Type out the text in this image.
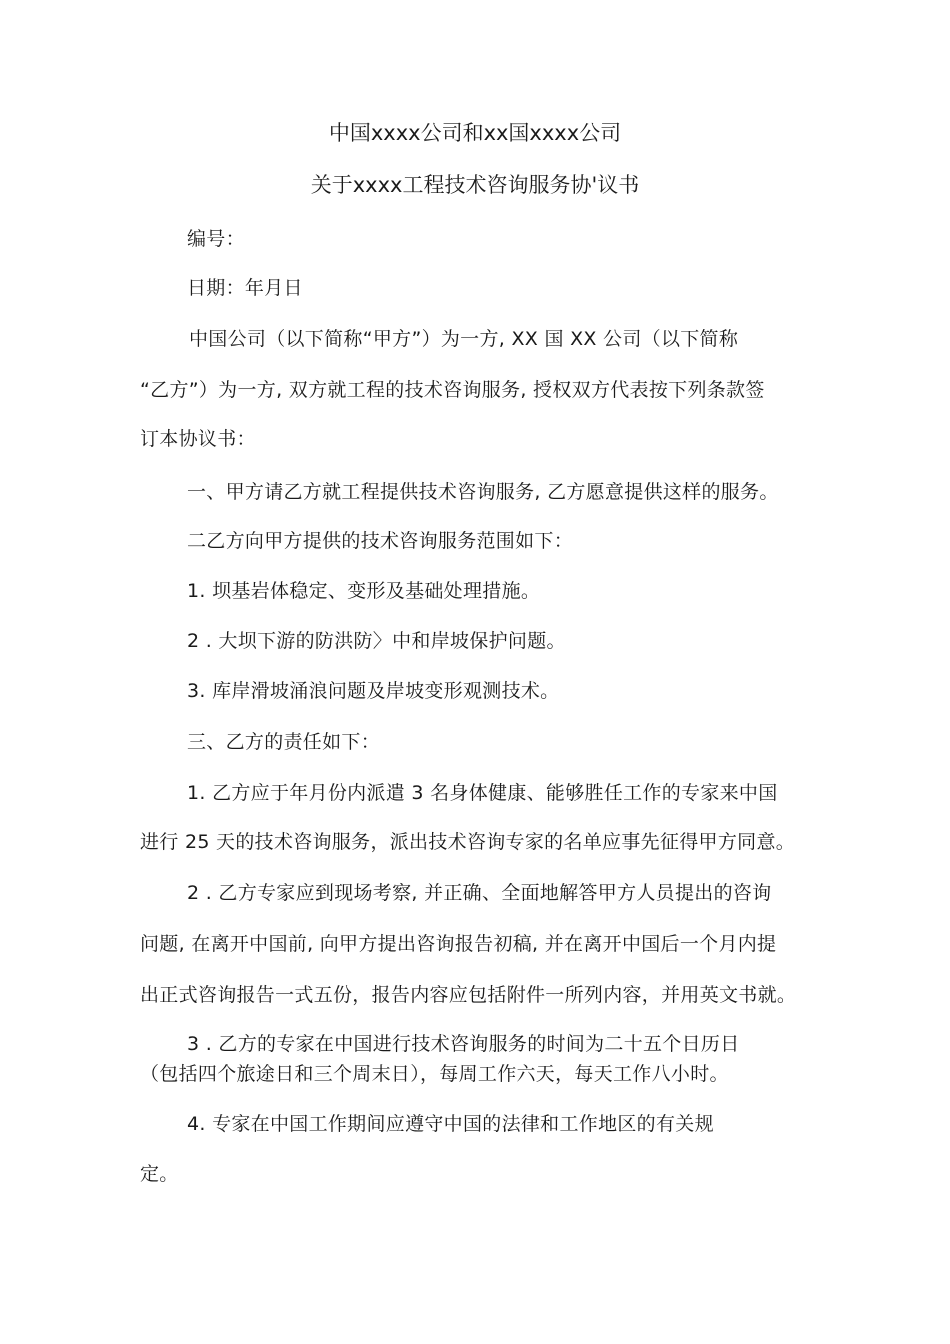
中国xxxx公司和xx国xxxx公司
关于xxxx工程技术咨询服务协'议书
编号：
日期：年月日
中国公司（以下简称“甲方”）为一方, XX 国 XX 公司（以下简称
“乙方”）为一方, 双方就工程的技术咨询服务, 授权双方代表按下列条款签
订本协议书：
一、甲方请乙方就工程提供技术咨询服务, 乙方愿意提供这样的服务。
二乙方向甲方提供的技术咨询服务范围如下：
1. 坝基岩体稳定、变形及基础处理措施。
2 . 大坝下游的防洪防〉中和岸坡保护问题。
3. 库岸滑坡涌浪问题及岸坡变形观测技术。
三、乙方的责任如下：
1. 乙方应于年月份内派遣 3 名身体健康、能够胜任工作的专家来中国
进行 25 天的技术咨询服务，派出技术咨询专家的名单应事先征得甲方同意。
2 . 乙方专家应到现场考察, 并正确、全面地解答甲方人员提出的咨询
问题, 在离开中国前, 向甲方提出咨询报告初稿, 并在离开中国后一个月内提
出正式咨询报告一式五份，报告内容应包括附件一所列内容，并用英文书就。
3 . 乙方的专家在中国进行技术咨询服务的时间为二十五个日历日
（包括四个旅途日和三个周末日），每周工作六天，每天工作八小时。
4. 专家在中国工作期间应遵守中国的法律和工作地区的有关规
定。
